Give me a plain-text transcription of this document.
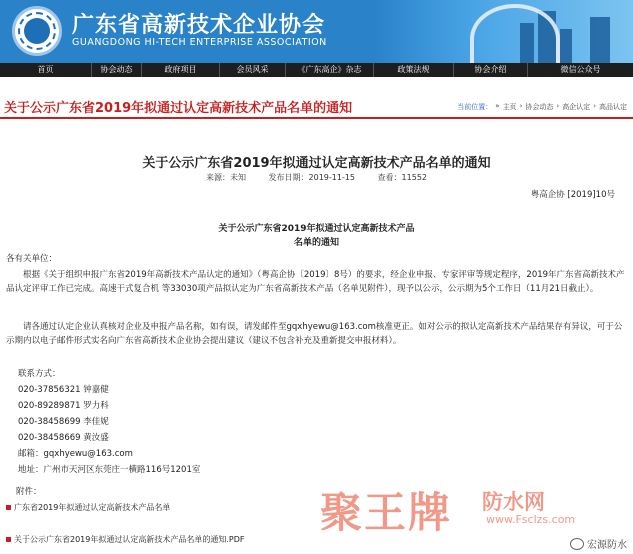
广东省高新技术企业协会
GUANGDONG HI-TECH ENTERPRISE ASSOCIATION
首页	协会动态	政府项目	会员风采	《广东高企》杂志	政策法规	协会介绍	微信公众号
关于公示广东省2019年拟通过认定高新技术产品名单的通知	当前位置： » 主页 › 协会动态 › 高企认定 › 高品认定
关于公示广东省2019年拟通过认定高新技术产品名单的通知
来源：未知	发布日期：2019-11-15	查看：11552
粤高企协 [2019]10号
关于公示广东省2019年拟通过认定高新技术产品
名单的通知
各有关单位：
根据《关于组织申报广东省2019年高新技术产品认定的通知》（粤高企协〔2019〕8号）的要求，经企业申报、专家评审等规定程序，2019年广东省高新技术产品认定评审工作已完成。高速干式复合机 等33030项产品拟认定为广东省高新技术产品（名单见附件），现予以公示，公示期为5个工作日（11月21日截止）。
请各通过认定企业认真核对企业及申报产品名称，如有误，请发邮件至gqxhyewu@163.com核准更正。如对公示的拟认定高新技术产品结果存有异议，可于公示期内以电子邮件形式实名向广东省高新技术企业协会提出建议（建议不包含补充及重新提交申报材料）。
联系方式：
020-37856321 钟嘉健
020-89289871 罗力科
020-38458699 李佳妮
020-38458669 黄汝盛
邮箱：gqxhyewu@163.com
地址：广州市天河区东莞庄一横路116号1201室
附件：
广东省2019年拟通过认定高新技术产品名单
关于公示广东省2019年拟通过认定高新技术产品名单的通知.PDF
聚王牌 防水网
www.Fsclzs.com
宏源防水
